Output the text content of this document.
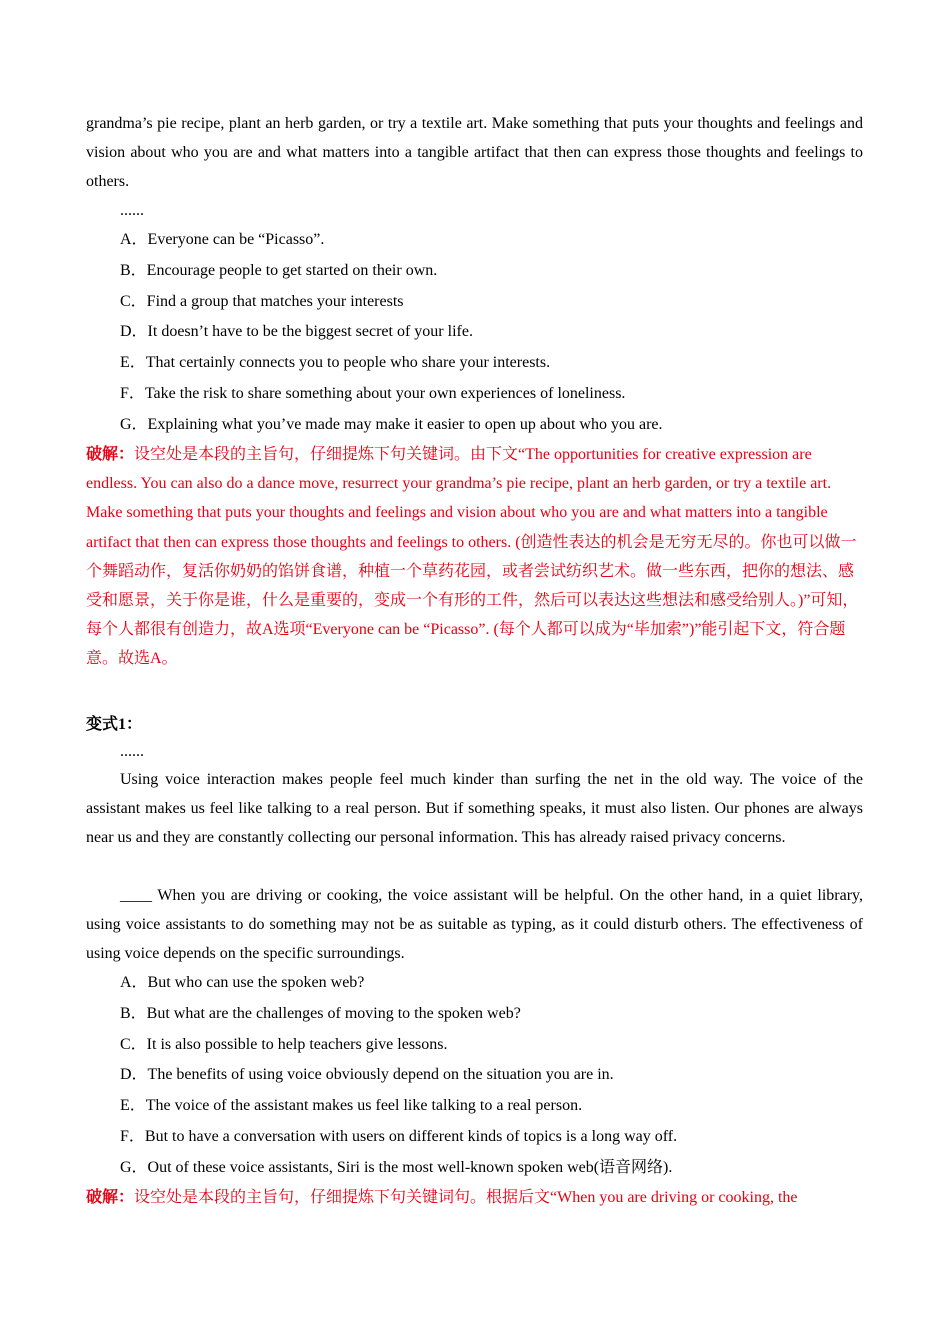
grandma’s pie recipe, plant an herb garden, or try a textile art. Make something that puts your thoughts and feelings and vision about who you are and what matters into a tangible artifact that then can express those thoughts and feelings to others.

......

A．Everyone can be “Picasso”.

B．Encourage people to get started on their own.

C．Find a group that matches your interests

D．It doesn’t have to be the biggest secret of your life.

E．That certainly connects you to people who share your interests.

F．Take the risk to share something about your own experiences of loneliness.

G．Explaining what you’ve made may make it easier to open up about who you are.

破解：设空处是本段的主旨句，仔细提炼下句关键词。由下文“The opportunities for creative expression are endless. You can also do a dance move, resurrect your grandma’s pie recipe, plant an herb garden, or try a textile art. Make something that puts your thoughts and feelings and vision about who you are and what matters into a tangible artifact that then can express those thoughts and feelings to others. (创造性表达的机会是无穷无尽的。你也可以做一个舞蹈动作，复活你奶奶的馅饼食谱，种植一个草药花园，或者尝试纺织艺术。做一些东西，把你的想法、感受和愿景，关于你是谁，什么是重要的，变成一个有形的工件，然后可以表达这些想法和感受给别人。)”可知，每个人都很有创造力，故A选项“Everyone can be “Picasso”. (每个人都可以成为“毕加索”)”能引起下文，符合题意。故选A。

变式1：

......

Using voice interaction makes people feel much kinder than surfing the net in the old way. The voice of the assistant makes us feel like talking to a real person. But if something speaks, it must also listen. Our phones are always near us and they are constantly collecting our personal information. This has already raised privacy concerns.

____ When you are driving or cooking, the voice assistant will be helpful. On the other hand, in a quiet library, using voice assistants to do something may not be as suitable as typing, as it could disturb others. The effectiveness of using voice depends on the specific surroundings.

A．But who can use the spoken web?

B．But what are the challenges of moving to the spoken web?

C．It is also possible to help teachers give lessons.

D．The benefits of using voice obviously depend on the situation you are in.

E．The voice of the assistant makes us feel like talking to a real person.

F．But to have a conversation with users on different kinds of topics is a long way off.

G．Out of these voice assistants, Siri is the most well-known spoken web(语音网络).

破解：设空处是本段的主旨句，仔细提炼下句关键词句。根据后文“When you are driving or cooking, the
